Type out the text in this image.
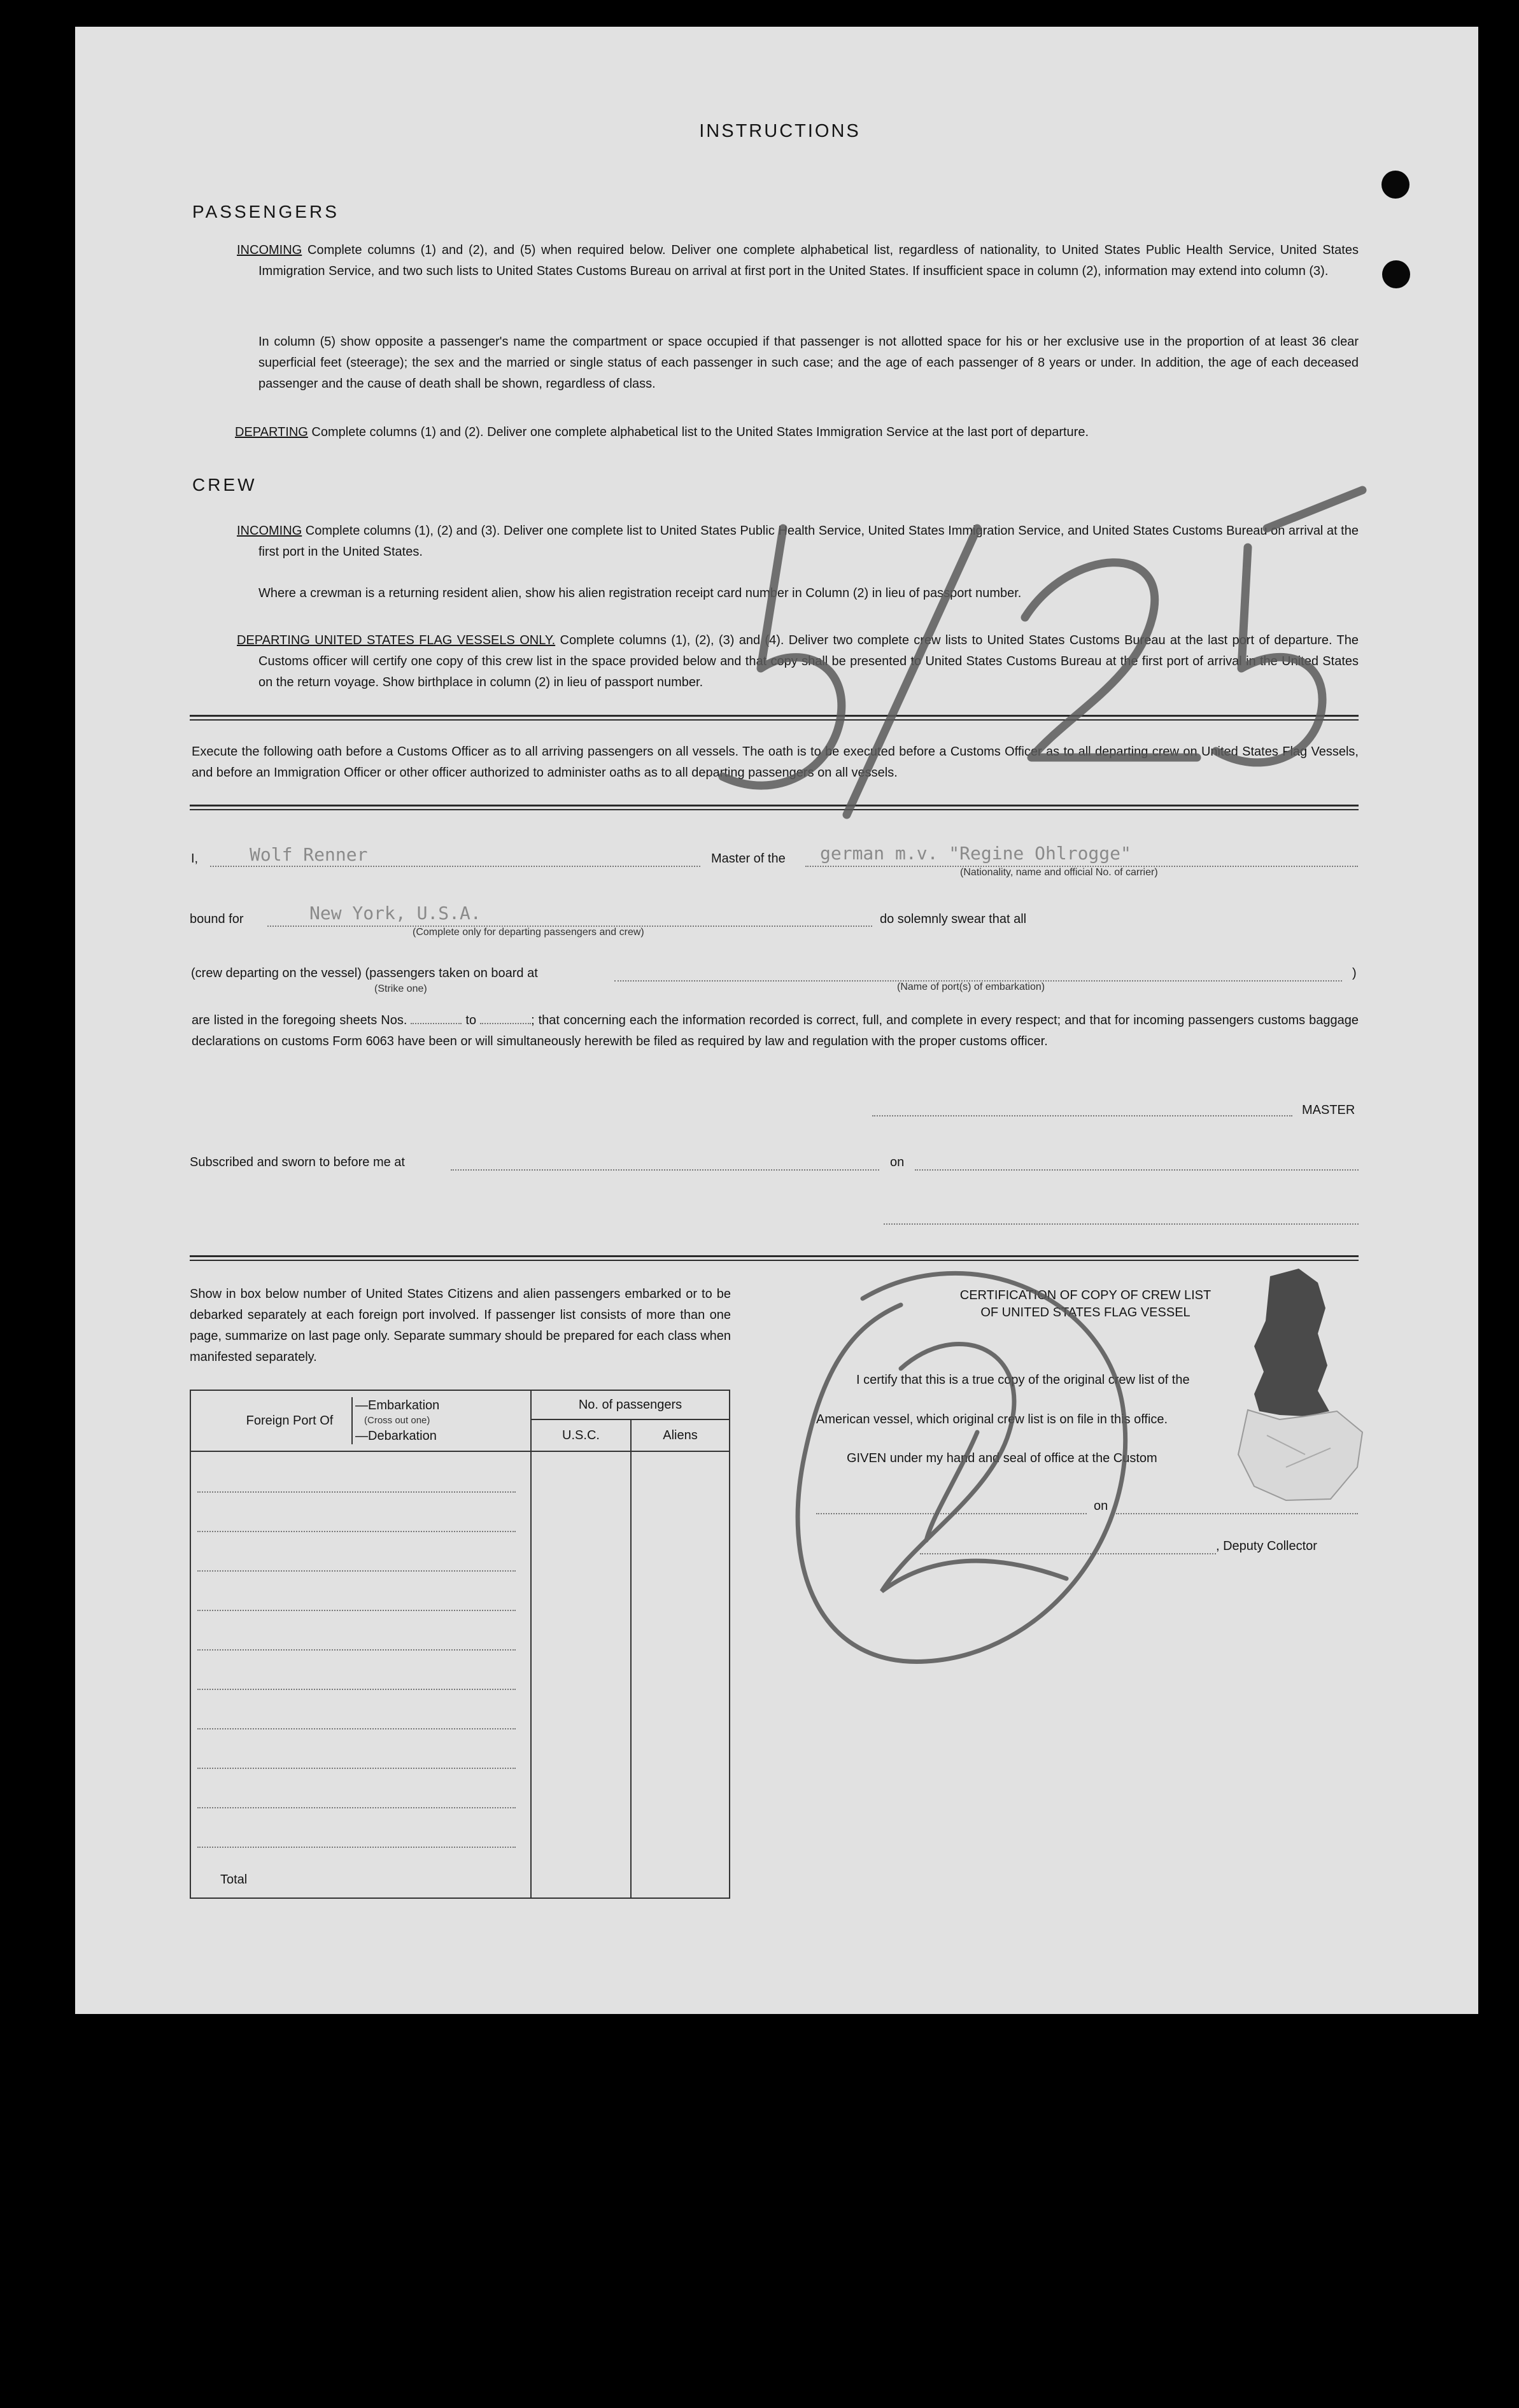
INSTRUCTIONS
PASSENGERS
INCOMING Complete columns (1) and (2), and (5) when required below. Deliver one complete alphabetical list, regardless of nationality, to United States Public Health Service, United States Immigration Service, and two such lists to United States Customs Bureau on arrival at first port in the United States. If insufficient space in column (2), information may extend into column (3).
In column (5) show opposite a passenger's name the compartment or space occupied if that passenger is not allotted space for his or her exclusive use in the proportion of at least 36 clear superficial feet (steerage); the sex and the married or single status of each passenger in such case; and the age of each passenger of 8 years or under. In addition, the age of each deceased passenger and the cause of death shall be shown, regardless of class.
DEPARTING Complete columns (1) and (2). Deliver one complete alphabetical list to the United States Immigration Service at the last port of departure.
CREW
INCOMING Complete columns (1), (2) and (3). Deliver one complete list to United States Public Health Service, United States Immigration Service, and United States Customs Bureau on arrival at the first port in the United States.
Where a crewman is a returning resident alien, show his alien registration receipt card number in Column (2) in lieu of passport number.
DEPARTING UNITED STATES FLAG VESSELS ONLY. Complete columns (1), (2), (3) and (4). Deliver two complete crew lists to United States Customs Bureau at the last port of departure. The Customs officer will certify one copy of this crew list in the space provided below and that copy shall be presented to United States Customs Bureau at the first port of arrival in the United States on the return voyage. Show birthplace in column (2) in lieu of passport number.
Execute the following oath before a Customs Officer as to all arriving passengers on all vessels. The oath is to be executed before a Customs Officer as to all departing crew on United States Flag Vessels, and before an Immigration Officer or other officer authorized to administer oaths as to all departing passengers on all vessels.
I,	Wolf Renner	Master of the german m.v. "Regine Ohlrogge"
(Nationality, name and official No. of carrier)
bound for	New York, U.S.A.
(Complete only for departing passengers and crew)
do solemnly swear that all
(crew departing on the vessel) (passengers taken on board at
(Strike one)	(Name of port(s) of embarkation)
)
are listed in the foregoing sheets Nos.	to	; that concerning each the information recorded is correct, full, and complete in every respect; and that for incoming passengers customs baggage declarations on customs Form 6063 have been or will simultaneously herewith be filed as required by law and regulation with the proper customs officer.
MASTER
Subscribed and sworn to before me at	on
Show in box below number of United States Citizens and alien passengers embarked or to be debarked separately at each foreign port involved. If passenger list consists of more than one page, summarize on last page only. Separate summary should be prepared for each class when manifested separately.
Foreign Port Of
—Embarkation
(Cross out one)
—Debarkation	No. of passengers	
	U.S.C.	Aliens

Total		

CERTIFICATION OF COPY OF CREW LIST
OF UNITED STATES FLAG VESSEL
I certify that this is a true copy of the original crew list of the
American vessel, which original crew list is on file in this office.
GIVEN under my hand and seal of office at the Custom
on
, Deputy Collector
